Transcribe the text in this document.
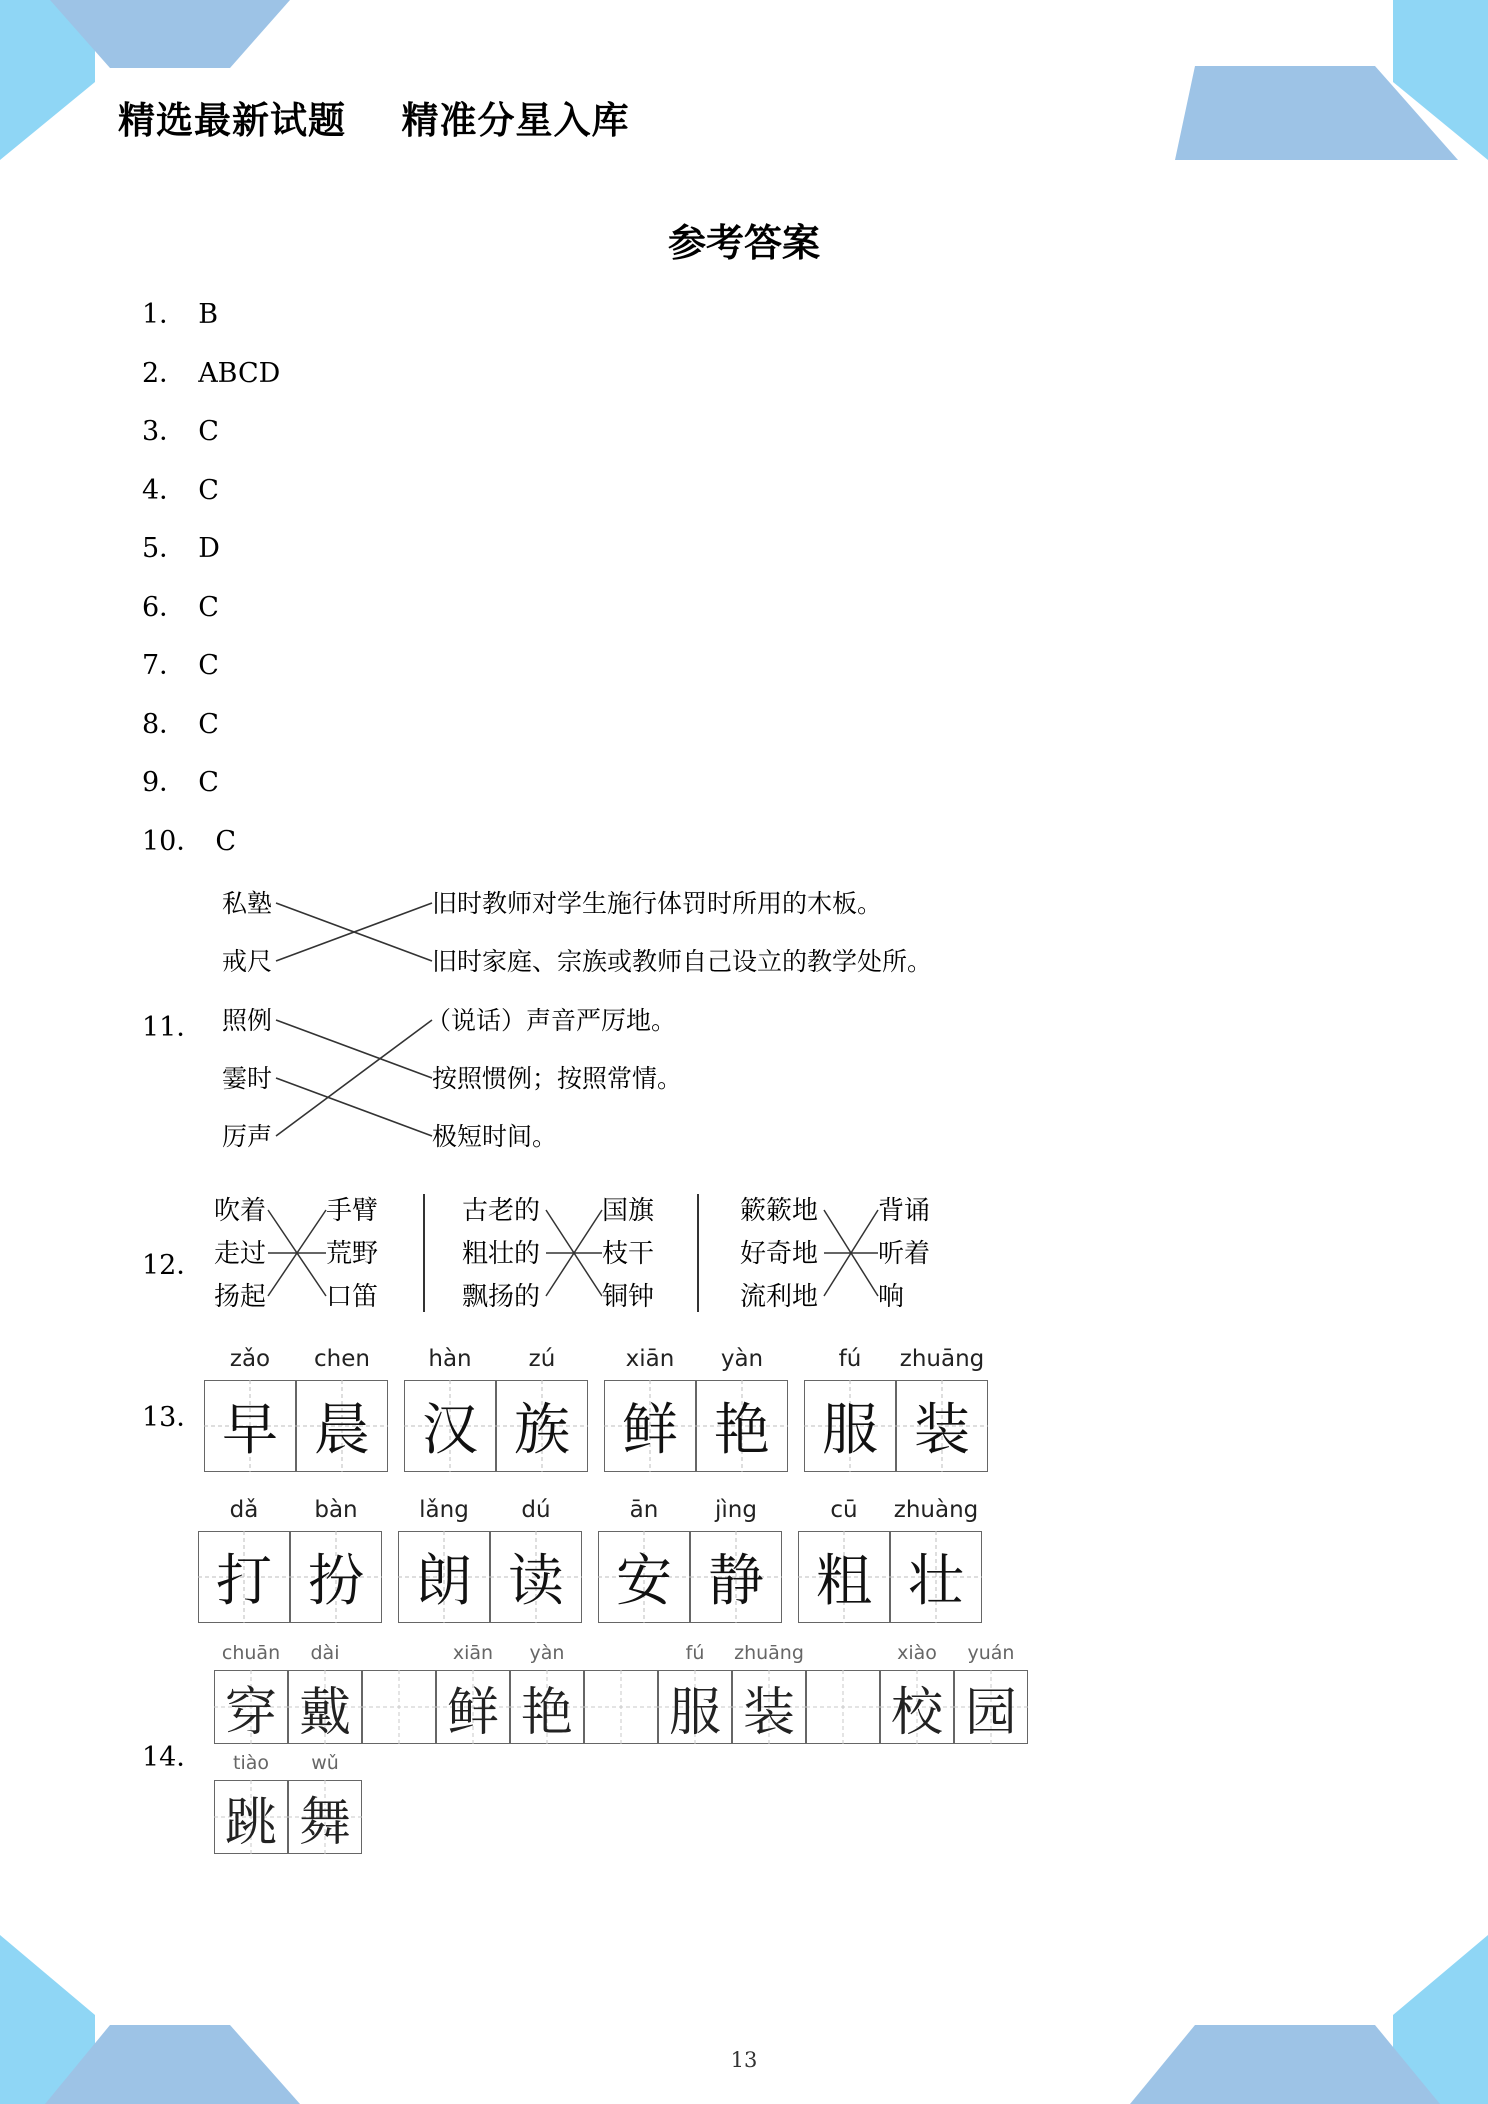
精选最新试题    精准分星入库
参考答案
1． B
2． ABCD
3． C
4． C
5． D
6． C
7． C
8． C
9． C
10． C
11．
私塾
戒尺
旧时教师对学生施行体罚时所用的木板。
旧时家庭、宗族或教师自己设立的教学处所。
照例
霎时
厉声
（说话）声音严厉地。
按照惯例；按照常情。
极短时间。
12．
吹着
走过
扬起
手臂
荒野
口笛
古老的
粗壮的
飘扬的
国旗
枝干
铜钟
簌簌地
好奇地
流利地
背诵
听着
响
13．
zǎo
早
chen
晨
hàn
汉
zú
族
xiān
鲜
yàn
艳
fú
服
zhuāng
装
dǎ
打
bàn
扮
lǎng
朗
dú
读
ān
安
jìng
静
cū
粗
zhuàng
壮
14．
chuān
穿
dài
戴
xiān
鲜
yàn
艳
fú
服
zhuāng
装
xiào
校
yuán
园
tiào
跳
wǔ
舞
13
